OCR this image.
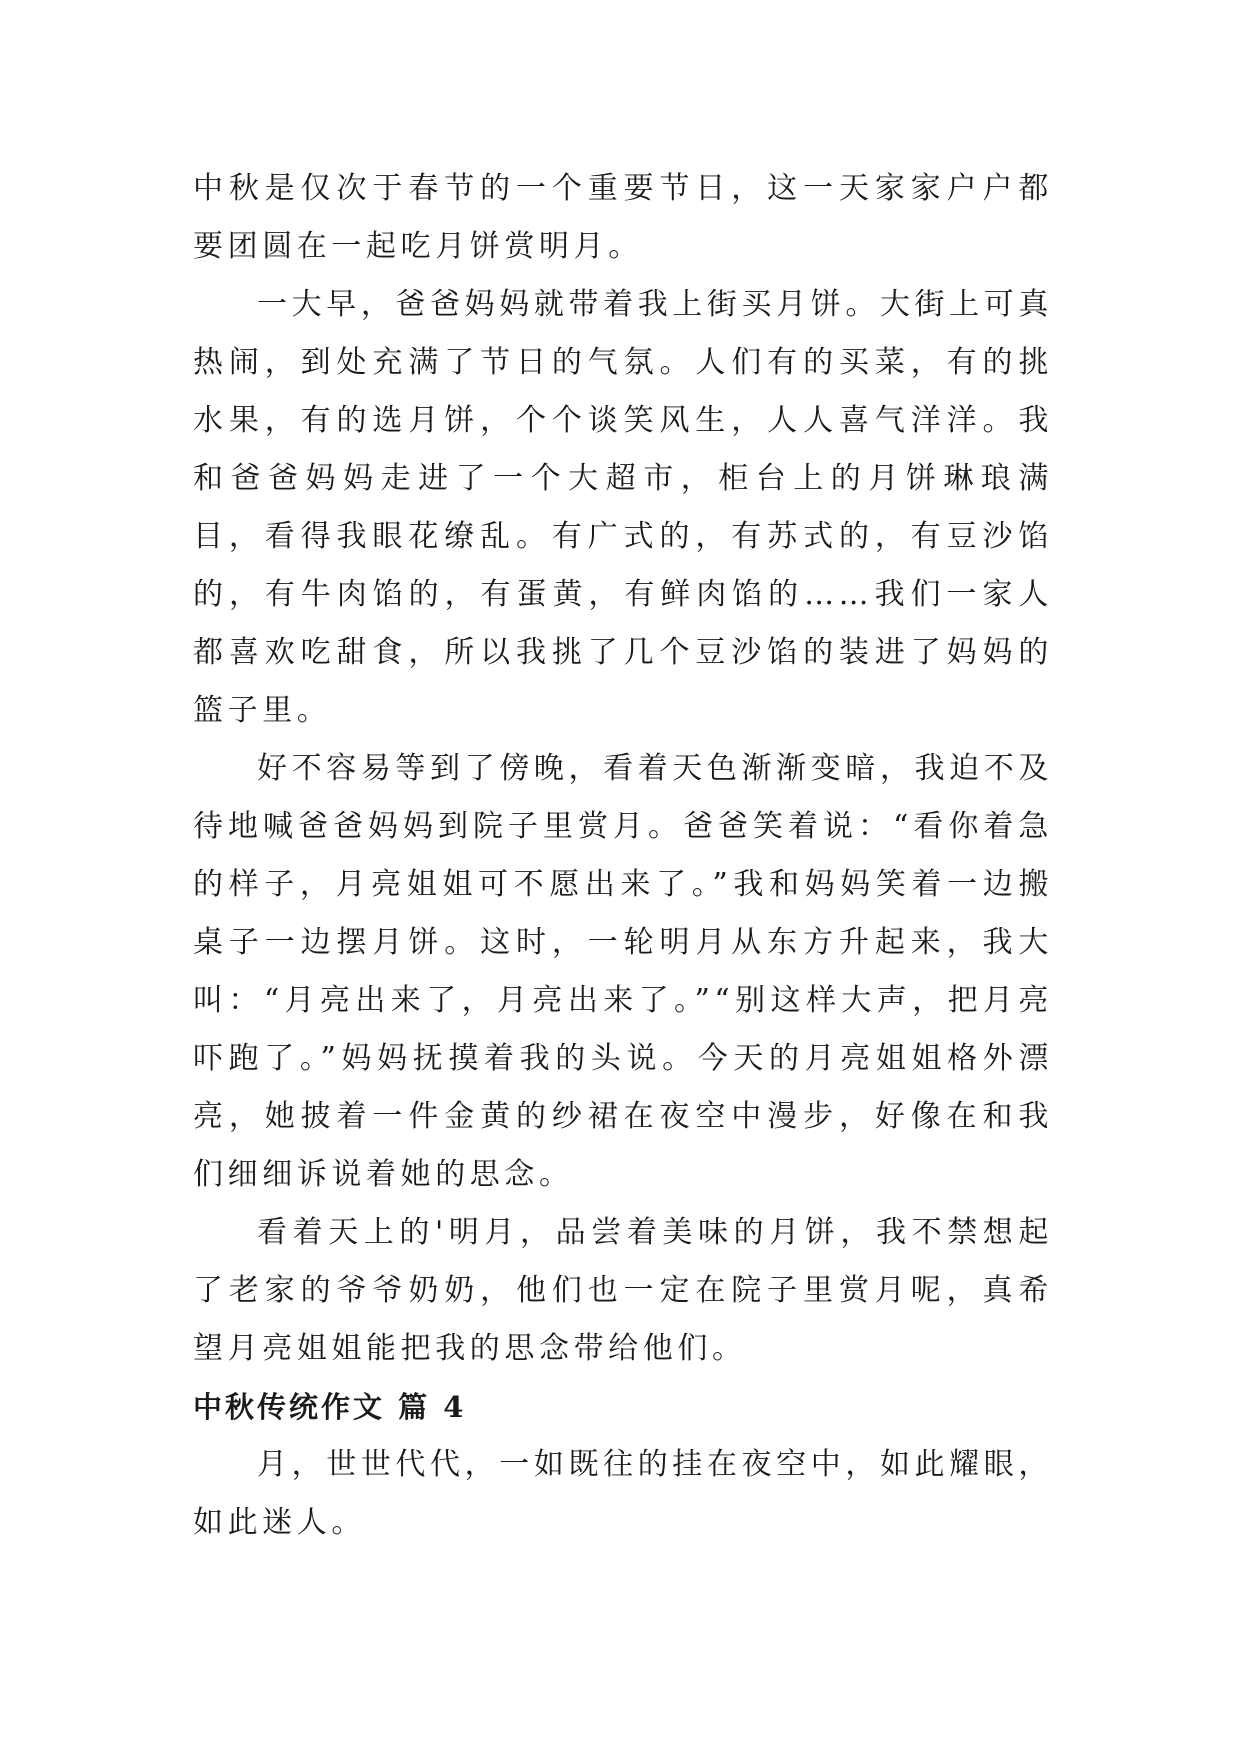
中秋是仅次于春节的一个重要节日，这一天家家户户都要团圆在一起吃月饼赏明月。

一大早，爸爸妈妈就带着我上街买月饼。大街上可真热闹，到处充满了节日的气氛。人们有的买菜，有的挑水果，有的选月饼，个个谈笑风生，人人喜气洋洋。我和爸爸妈妈走进了一个大超市，柜台上的月饼琳琅满目，看得我眼花缭乱。有广式的，有苏式的，有豆沙馅的，有牛肉馅的，有蛋黄，有鲜肉馅的……我们一家人都喜欢吃甜食，所以我挑了几个豆沙馅的装进了妈妈的篮子里。

好不容易等到了傍晚，看着天色渐渐变暗，我迫不及待地喊爸爸妈妈到院子里赏月。爸爸笑着说：“看你着急的样子，月亮姐姐可不愿出来了。”我和妈妈笑着一边搬桌子一边摆月饼。这时，一轮明月从东方升起来，我大叫：“月亮出来了，月亮出来了。”“别这样大声，把月亮吓跑了。”妈妈抚摸着我的头说。今天的月亮姐姐格外漂亮，她披着一件金黄的纱裙在夜空中漫步，好像在和我们细细诉说着她的思念。

看着天上的'明月，品尝着美味的月饼，我不禁想起了老家的爷爷奶奶，他们也一定在院子里赏月呢，真希望月亮姐姐能把我的思念带给他们。

中秋传统作文 篇 4

月，世世代代，一如既往的挂在夜空中，如此耀眼，如此迷人。
